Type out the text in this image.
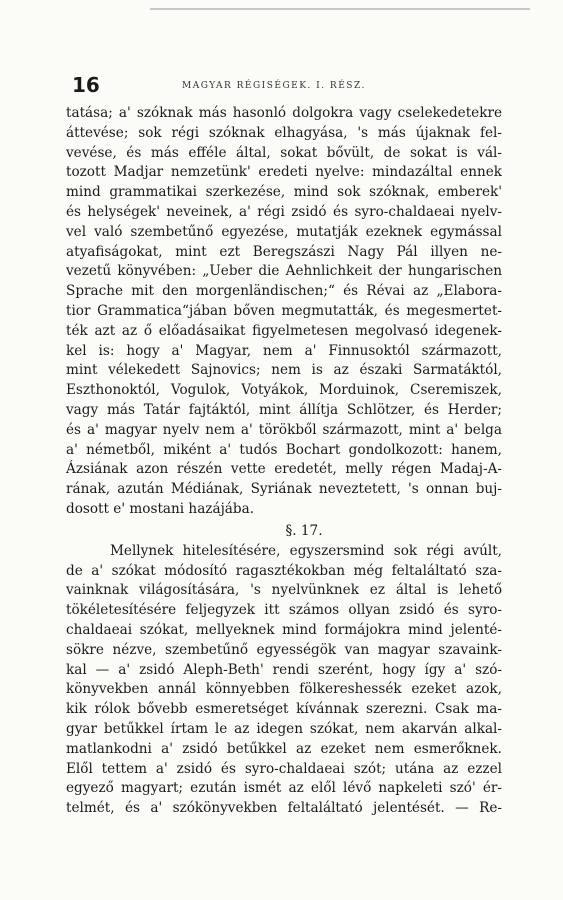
16	MAGYAR RÉGISÉGEK. I. RÉSZ.
tatása; a' szóknak más hasonló dolgokra vagy cselekedetekre
áttevése; sok régi szóknak elhagyása, 's más újaknak fel-
vevése, és más efféle által, sokat bővült, de sokat is vál-
tozott Madjar nemzetünk' eredeti nyelve: mindazáltal ennek
mind grammatikai szerkezése, mind sok szóknak, emberek'
és helységek' neveinek, a' régi zsidó és syro-chaldaeai nyelv-
vel való szembetűnő egyezése, mutatják ezeknek egymással
atyafiságokat, mint ezt Beregszászi Nagy Pál illyen ne-
vezetű könyvében: „Ueber die Aehnlichkeit der hungarischen
Sprache mit den morgenländischen;“ és Révai az „Elabora-
tior Grammatica“jában bőven megmutatták, és megesmertet-
ték azt az ő előadásaikat figyelmetesen megolvasó idegenek-
kel is: hogy a' Magyar, nem a' Finnusoktól származott,
mint vélekedett Sajnovics; nem is az északi Sarmatáktól,
Eszthonoktól, Vogulok, Votyákok, Morduinok, Cseremiszek,
vagy más Tatár fajtáktól, mint állítja Schlötzer, és Herder;
és a' magyar nyelv nem a' törökből származott, mint a' belga
a' németből, miként a' tudós Bochart gondolkozott: hanem,
Ázsiának azon részén vette eredetét, melly régen Madaj-A-
rának, azután Médiának, Syriának neveztetett, 's onnan buj-
dosott e' mostani hazájába.
§. 17.
Mellynek hitelesítésére, egyszersmind sok régi avúlt,
de a' szókat módosító ragasztékokban még feltaláltató sza-
vainknak világosítására, 's nyelvünknek ez által is lehető
tökéletesítésére feljegyzek itt számos ollyan zsidó és syro-
chaldaeai szókat, mellyeknek mind formájokra mind jelenté-
sökre nézve, szembetűnő egyességök van magyar szavaink-
kal — a' zsidó Aleph-Beth' rendi szerént, hogy így a' szó-
könyvekben annál könnyebben fölkereshessék ezeket azok,
kik rólok bővebb esmeretséget kívánnak szerezni. Csak ma-
gyar betűkkel írtam le az idegen szókat, nem akarván alkal-
matlankodni a' zsidó betűkkel az ezeket nem esmerőknek.
Elől tettem a' zsidó és syro-chaldaeai szót; utána az ezzel
egyező magyart; ezután ismét az elől lévő napkeleti szó' ér-
telmét, és a' szókönyvekben feltaláltató jelentését. — Re-
